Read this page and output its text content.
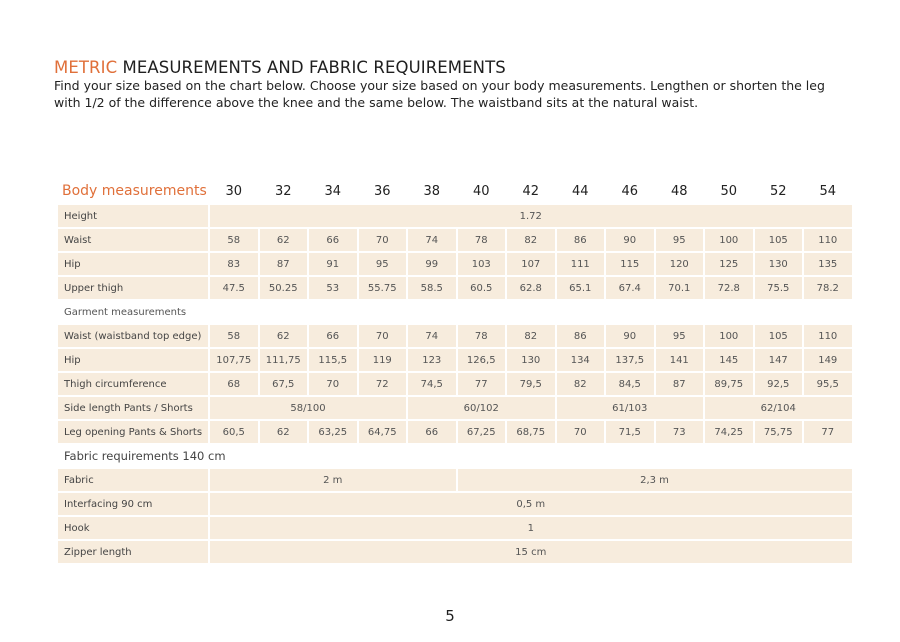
METRIC MEASUREMENTS AND FABRIC REQUIREMENTS
Find your size based on the chart below. Choose your size based on your body measurements. Lengthen or shorten the leg with 1/2 of the difference above the knee and the same below. The waistband sits at the natural waist.
Body measurements	30	32	34	36	38	40	42	44	46	48	50	52	54
Height	1.72												
Waist	58	62	66	70	74	78	82	86	90	95	100	105	110
Hip	83	87	91	95	99	103	107	111	115	120	125	130	135
Upper thigh	47.5	50.25	53	55.75	58.5	60.5	62.8	65.1	67.4	70.1	72.8	75.5	78.2
Garment measurements													
Waist (waistband top edge)	58	62	66	70	74	78	82	86	90	95	100	105	110
Hip	107,75	111,75	115,5	119	123	126,5	130	134	137,5	141	145	147	149
Thigh circumference	68	67,5	70	72	74,5	77	79,5	82	84,5	87	89,75	92,5	95,5
Side length Pants / Shorts	58/100				60/102			61/103			62/104		
Leg opening Pants & Shorts	60,5	62	63,25	64,75	66	67,25	68,75	70	71,5	73	74,25	75,75	77
Fabric requirements 140 cm													
Fabric	2 m					2,3 m							
Interfacing 90 cm	0,5 m												
Hook	1												
Zipper length	15 cm												
5
